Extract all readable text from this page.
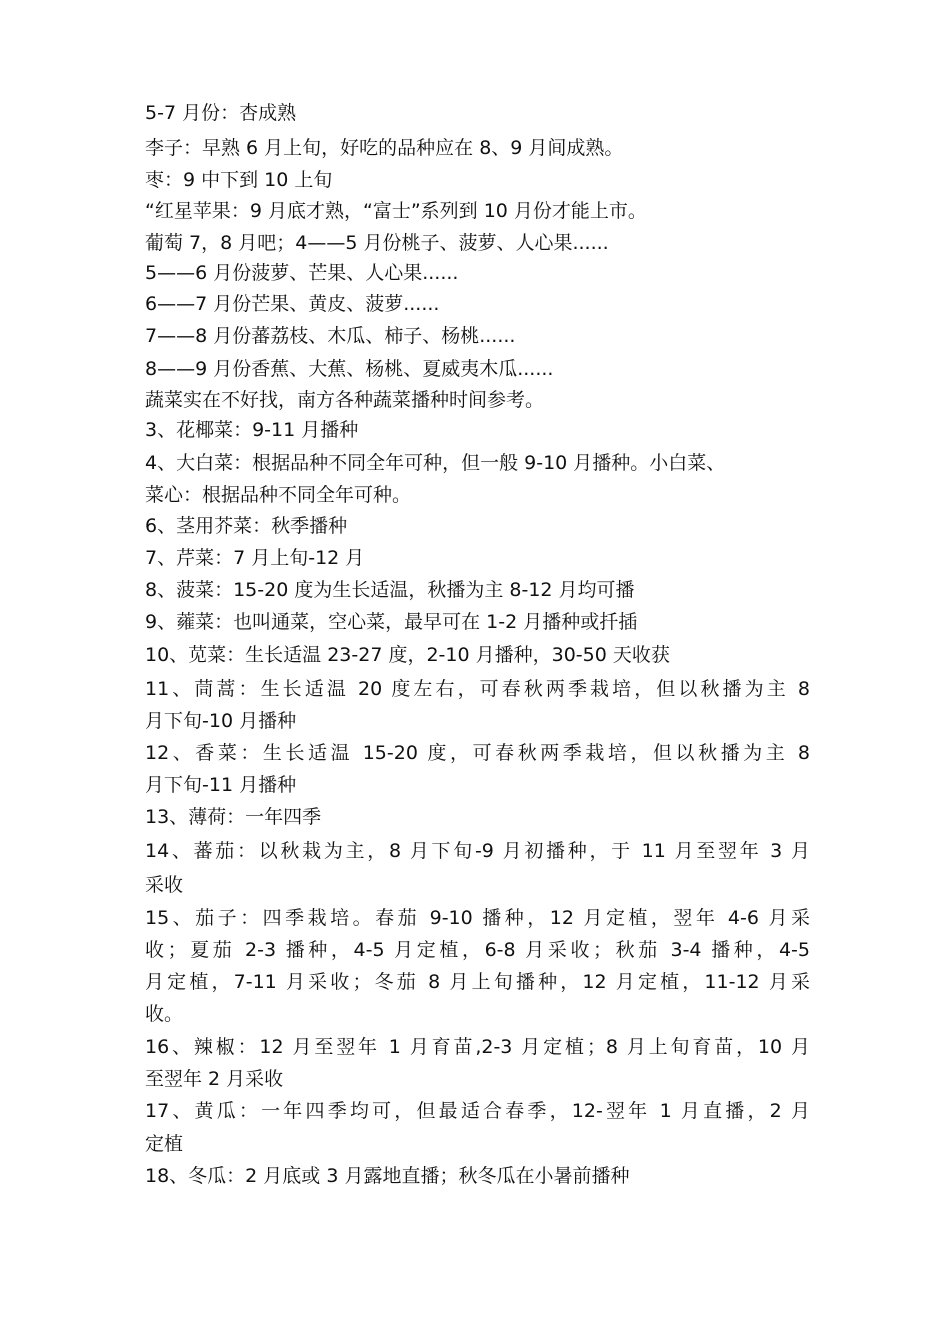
5-7 月份：杏成熟

李子：早熟 6 月上旬，好吃的品种应在 8、9 月间成熟。

枣：9 中下到 10 上旬

“红星苹果：9 月底才熟，“富士”系列到 10 月份才能上市。

葡萄 7，8 月吧；4——5 月份桃子、菠萝、人心果......

5——6 月份菠萝、芒果、人心果......

6——7 月份芒果、黄皮、菠萝......

7——8 月份蕃荔枝、木瓜、柿子、杨桃......

8——9 月份香蕉、大蕉、杨桃、夏威夷木瓜......

蔬菜实在不好找，南方各种蔬菜播种时间参考。

3、花椰菜：9-11 月播种

4、大白菜：根据品种不同全年可种，但一般 9-10 月播种。小白菜、

菜心：根据品种不同全年可种。

6、茎用芥菜：秋季播种

7、芹菜：7 月上旬-12 月

8、菠菜：15-20 度为生长适温，秋播为主 8-12 月均可播

9、蕹菜：也叫通菜，空心菜，最早可在 1-2 月播种或扦插

10、苋菜：生长适温 23-27 度，2-10 月播种，30-50 天收获

11、茼蒿：生长适温 20 度左右，可春秋两季栽培，但以秋播为主 8

月下旬-10 月播种

12、香菜：生长适温 15-20 度，可春秋两季栽培，但以秋播为主 8

月下旬-11 月播种

13、薄荷：一年四季

14、蕃茄：以秋栽为主，8 月下旬-9 月初播种，于 11 月至翌年 3 月

采收

15、茄子：四季栽培。春茄 9-10 播种，12 月定植，翌年 4-6 月采

收；夏茄 2-3 播种，4-5 月定植，6-8 月采收；秋茄 3-4 播种，4-5

月定植，7-11 月采收；冬茄 8 月上旬播种，12 月定植，11-12 月采

收。

16、辣椒：12 月至翌年 1 月育苗,2-3 月定植；8 月上旬育苗，10 月

至翌年 2 月采收

17、黄瓜：一年四季均可，但最适合春季，12-翌年 1 月直播，2 月

定植

18、冬瓜：2 月底或 3 月露地直播；秋冬瓜在小暑前播种
